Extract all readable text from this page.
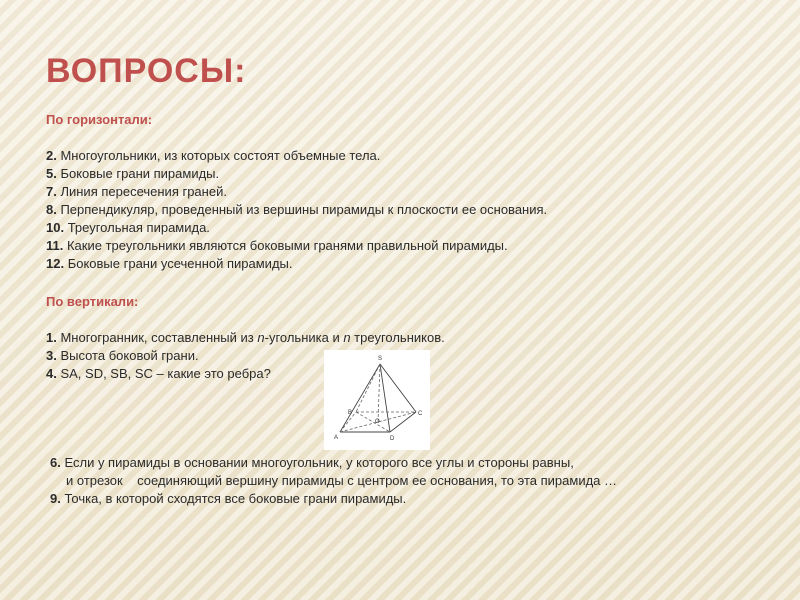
ВОПРОСЫ:
По горизонтали:
2. Многоугольники, из которых состоят объемные тела.
5. Боковые грани пирамиды.
7. Линия пересечения граней.
8. Перпендикуляр, проведенный из вершины пирамиды к плоскости ее основания.
10. Треугольная пирамида.
11. Какие треугольники являются боковыми гранями правильной пирамиды.
12. Боковые грани усеченной пирамиды.
По вертикали:
1. Многогранник, составленный из n-угольника и n треугольников.
3. Высота боковой грани.
4. SA, SD, SB, SC – какие это ребра?
S
A
B	C
D
O
6. Если у пирамиды в основании многоугольник, у которого все углы и стороны равны,
и отрезок    соединяющий вершину пирамиды с центром ее основания, то эта пирамида …
9. Точка, в которой сходятся все боковые грани пирамиды.
